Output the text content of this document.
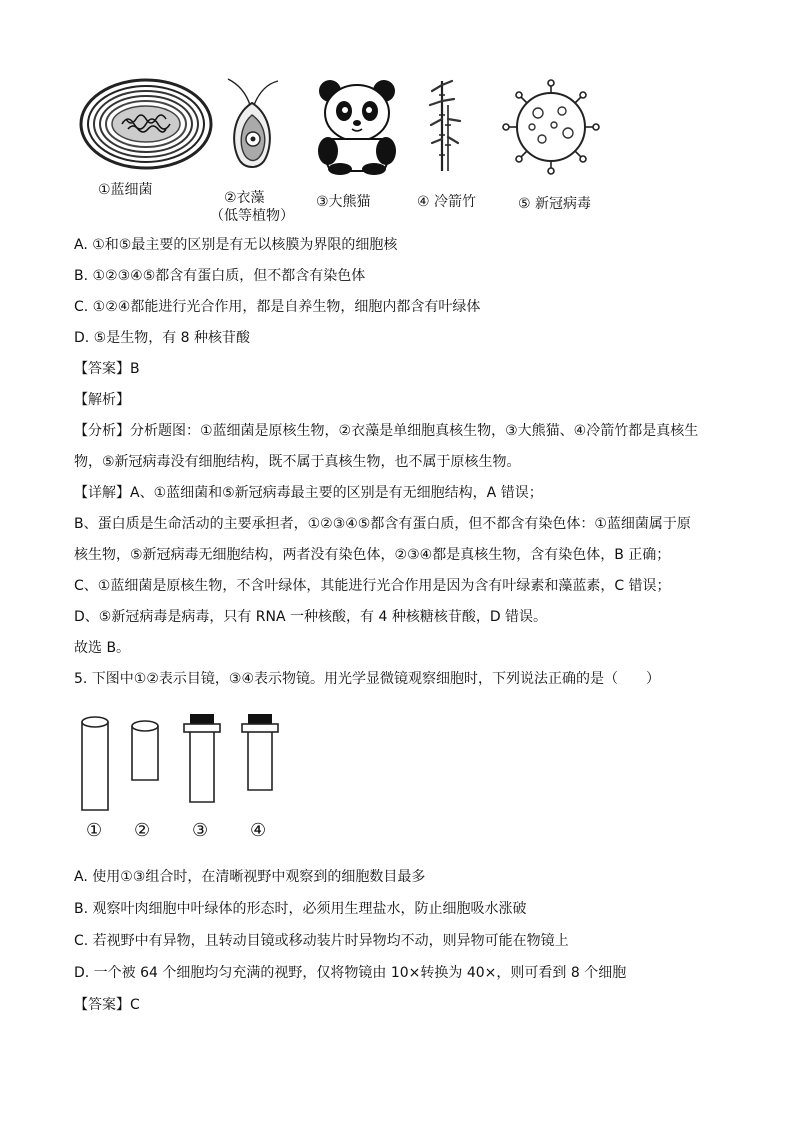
①蓝细菌	②衣藻
（低等植物）
③大熊猫	④ 冷箭竹	⑤ 新冠病毒
A. ①和⑤最主要的区别是有无以核膜为界限的细胞核
B. ①②③④⑤都含有蛋白质，但不都含有染色体
C. ①②④都能进行光合作用，都是自养生物，细胞内都含有叶绿体
D. ⑤是生物，有 8 种核苷酸
【答案】B
【解析】
【分析】分析题图：①蓝细菌是原核生物，②衣藻是单细胞真核生物，③大熊猫、④冷箭竹都是真核生
物，⑤新冠病毒没有细胞结构，既不属于真核生物，也不属于原核生物。
【详解】A、①蓝细菌和⑤新冠病毒最主要的区别是有无细胞结构，A 错误；
B、蛋白质是生命活动的主要承担者，①②③④⑤都含有蛋白质，但不都含有染色体：①蓝细菌属于原
核生物，⑤新冠病毒无细胞结构，两者没有染色体，②③④都是真核生物，含有染色体，B 正确；
C、①蓝细菌是原核生物，不含叶绿体，其能进行光合作用是因为含有叶绿素和藻蓝素，C 错误；
D、⑤新冠病毒是病毒，只有 RNA 一种核酸，有 4 种核糖核苷酸，D 错误。
故选 B。
5. 下图中①②表示目镜，③④表示物镜。用光学显微镜观察细胞时，下列说法正确的是（　　）
① ② ③ ④
A. 使用①③组合时，在清晰视野中观察到的细胞数目最多
B. 观察叶肉细胞中叶绿体的形态时，必须用生理盐水，防止细胞吸水涨破
C. 若视野中有异物，且转动目镜或移动装片时异物均不动，则异物可能在物镜上
D. 一个被 64 个细胞均匀充满的视野，仅将物镜由 10×转换为 40×，则可看到 8 个细胞
【答案】C
